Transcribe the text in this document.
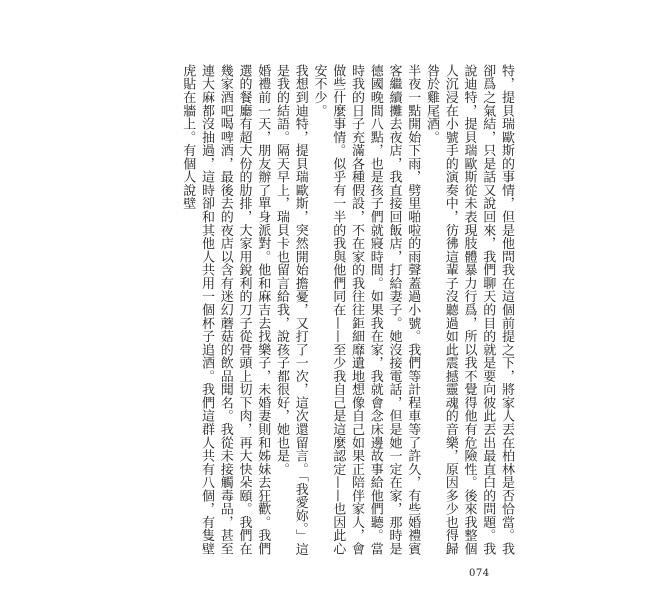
特，提貝瑞歐斯的事情，但是他問我在這個前提之下，將家人丟在柏林是否恰當。我卻爲之氣結，只是話又說回來，我們聊天的目的就是要向彼此丟出最直白的問題。我說迪特，提貝瑞歐斯從未表現肢體暴力行爲，所以我不覺得他有危險性。後來我整個人沉浸在小號手的演奏中，彷彿這輩子沒聽過如此震撼靈魂的音樂，原因多少也得歸咎於雞尾酒。

半夜一點開始下雨，劈里啪啦的雨聲蓋過小號。我們等計程車等了許久，有些婚禮賓客繼續攤去夜店，我直接回飯店，打給妻子。她沒接電話，但是她一定在家，那時是德國晚間八點，也是孩子們就寢時間。如果我在家，我就會念床邊故事給他們聽。當時我的日子充滿各種假設，不在家的我往往鉅細靡遺地想像自己如果正陪伴家人，會做些什麼事情。似乎有一半的我與他們同在——至少我自己是這麼認定——也因此心安不少。

我想到迪特，提貝瑞歐斯，突然開始擔憂，又打了一次，這次還留言。「我愛妳。」這是我的結語。隔天早上，瑞貝卡也留言給我，說孩子都很好，她也是。

婚禮前一天，朋友辦了單身派對。他和麻吉去找樂子，未婚妻則和姊妹去狂歡。我們選的餐廳有超大份的肋排，大家用銳利的刀子從骨頭上切下肉，再大快朵頤。我們在幾家酒吧喝啤酒，最後去的夜店以含有迷幻蘑菇的飲品聞名。我從未接觸毒品，甚至連大麻都沒抽過，這時卻和其他人共用一個杯子追酒。我們這群人共有八個，有隻壁虎貼在牆上。有個人說壁

074
